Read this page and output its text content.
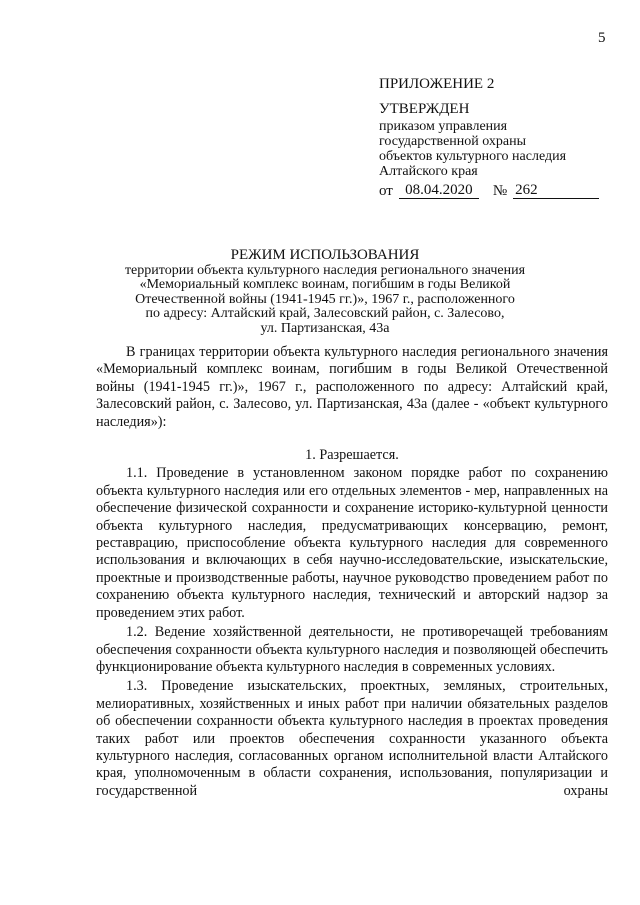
5
ПРИЛОЖЕНИЕ 2
УТВЕРЖДЕН
приказом управления
государственной охраны
объектов культурного наследия
Алтайского края
от 08.04.2020	№ 262
РЕЖИМ ИСПОЛЬЗОВАНИЯ
территории объекта культурного наследия регионального значения
«Мемориальный комплекс воинам, погибшим в годы Великой
Отечественной войны (1941-1945 гг.)», 1967 г., расположенного
по адресу: Алтайский край, Залесовский район, с. Залесово,
ул. Партизанская, 43а

В границах территории объекта культурного наследия регионального значения «Мемориальный комплекс воинам, погибшим в годы Великой Отечественной войны (1941-1945 гг.)», 1967 г., расположенного по адресу: Алтайский край, Залесовский район, с. Залесово, ул. Партизанская, 43а (далее - «объект культурного наследия»):

1. Разрешается.

1.1. Проведение в установленном законом порядке работ по сохранению объекта культурного наследия или его отдельных элементов - мер, направленных на обеспечение физической сохранности и сохранение историко-культурной ценности объекта культурного наследия, предусматривающих консервацию, ремонт, реставрацию, приспособление объекта культурного наследия для современного использования и включающих в себя научно-исследовательские, изыскательские, проектные и производственные работы, научное руководство проведением работ по сохранению объекта культурного наследия, технический и авторский надзор за проведением этих работ.

1.2. Ведение хозяйственной деятельности, не противоречащей требованиям обеспечения сохранности объекта культурного наследия и позволяющей обеспечить функционирование объекта культурного наследия в современных условиях.

1.3. Проведение изыскательских, проектных, земляных, строительных, мелиоративных, хозяйственных и иных работ при наличии обязательных разделов об обеспечении сохранности объекта культурного наследия в проектах проведения таких работ или проектов обеспечения сохранности указанного объекта культурного наследия, согласованных органом исполнительной власти Алтайского края, уполномоченным в области сохранения, использования, популяризации и государственной охраны
